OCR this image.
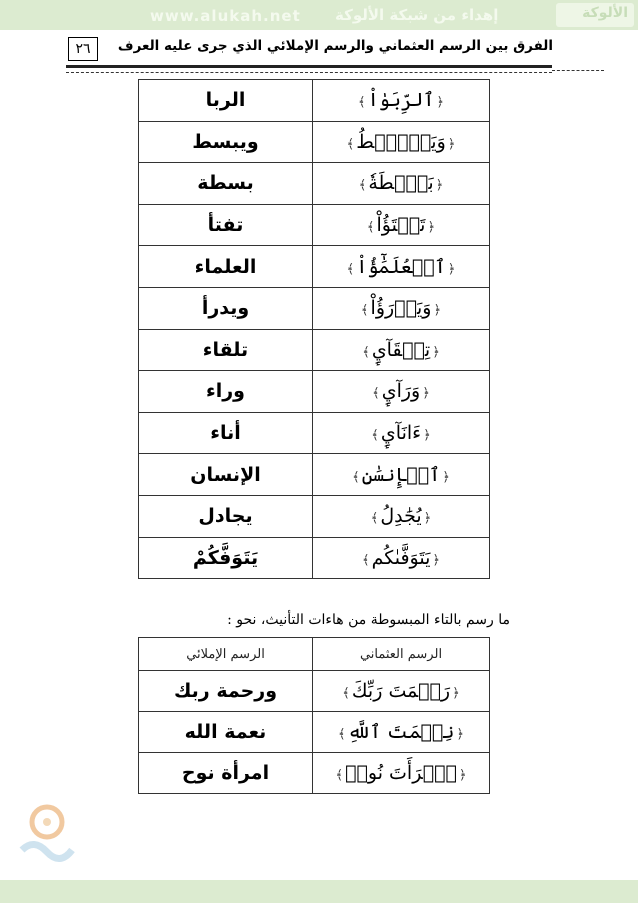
www.alukah.net إهداء من شبكة الألوكة	الألوكة
٢٦	الفرق بين الرسم العثماني والرسم الإملائي الذي جرى عليه العرف
﴿ٱلرِّبَوٰاْ﴾	الربا
﴿وَيَبۡصُۜطُ﴾	ويبسط
﴿بَصۜۡطَةٗ﴾	بسطة
﴿تَفۡتَؤُاْ﴾	تفتأ
﴿ٱلۡعُلَمَٰٓؤُاْ﴾	العلماء
﴿وَيَدۡرَؤُاْ﴾	ويدرأ
﴿تِلۡقَآيِٕ﴾	تلقاء
﴿وَرَآيِٕ﴾	وراء
﴿ءَانَآيِٕ﴾	أناء
﴿ٱلۡإِنسَٰنِ﴾	الإنسان
﴿يُجَٰدِلُ﴾	يجادل
﴿يَتَوَفَّىٰكُم﴾	يَتَوَفَّكُمْ
ما رسم بالتاء المبسوطة من هاءات التأنيث، نحو :
الرسم العثماني	الرسم الإملائي
﴿رَحۡمَتَ رَبِّكَ﴾	ورحمة ربك
﴿نِعۡمَتَ ٱللَّهِ﴾	نعمة الله
﴿ٱمۡرَأَتَ نُوحٖ﴾	امرأة نوح
